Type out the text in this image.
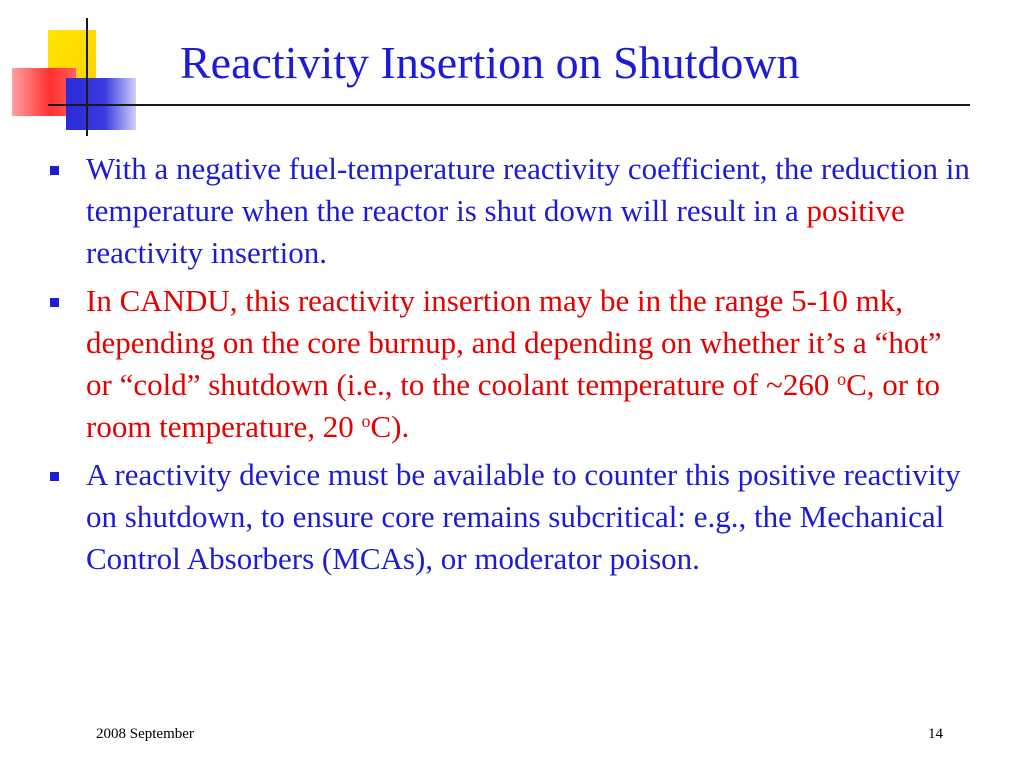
Reactivity Insertion on Shutdown
With a negative fuel-temperature reactivity coefficient, the reduction in temperature when the reactor is shut down will result in a positive reactivity insertion.
In CANDU, this reactivity insertion may be in the range 5-10 mk, depending on the core burnup, and depending on whether it’s a “hot” or “cold” shutdown (i.e., to the coolant temperature of ~260 $^o$C, or to room temperature, 20 $^o$C).
A reactivity device must be available to counter this positive reactivity on shutdown, to ensure core remains subcritical: e.g., the Mechanical Control Absorbers (MCAs), or moderator poison.
2008 September	14
